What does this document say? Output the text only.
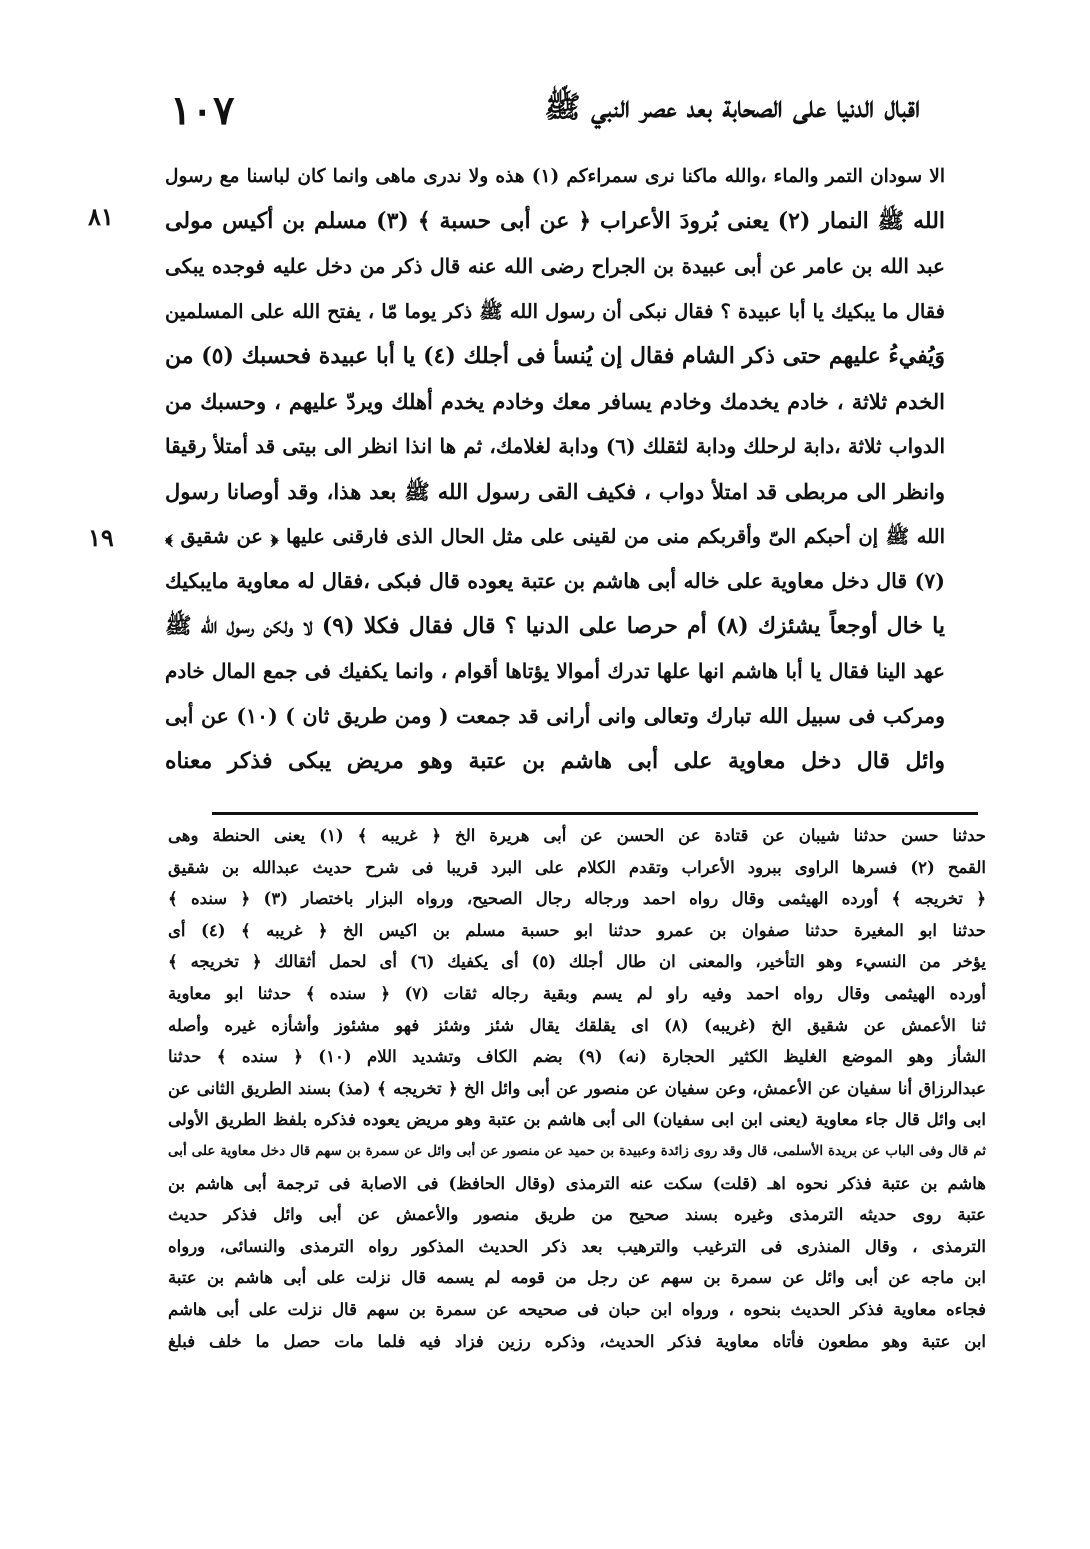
اقبال الدنيا على الصحابة بعد عصر النبي ﷺ
١٠٧
٨١
١٩
الا سودان التمر والماء ،والله ماكنا نرى سمراءكم (١) هذه ولا ندرى ماهى وانما كان لباسنا مع رسول
الله ﷺ النمار (٢) يعنى بُرودَ الأعراب ﴿ عن أبى حسبة ﴾ (٣) مسلم بن أكيس مولى
عبد الله بن عامر عن أبى عبيدة بن الجراح رضى الله عنه قال ذكر من دخل عليه فوجده يبكى
فقال ما يبكيك يا أبا عبيدة ؟ فقال نبكى أن رسول الله ﷺ ذكر يوما مّا ، يفتح الله على المسلمين
وَيُفيءُ عليهم حتى ذكر الشام فقال إن يُنسأ فى أجلك (٤) يا أبا عبيدة فحسبك (٥) من
الخدم ثلاثة ، خادم يخدمك وخادم يسافر معك وخادم يخدم أهلك ويردّ عليهم ، وحسبك من
الدواب ثلاثة ،دابة لرحلك ودابة لثقلك (٦) ودابة لغلامك، ثم ها انذا انظر الى بيتى قد أمتلأ رقيقا
وانظر الى مربطى قد امتلأ دواب ، فكيف القى رسول الله ﷺ بعد هذا، وقد أوصانا رسول
الله ﷺ إن أحبكم الىّ وأقربكم منى من لقينى على مثل الحال الذى فارقنى عليها ﴿ عن شقيق ﴾
(٧) قال دخل معاوية على خاله أبى هاشم بن عتبة يعوده قال فبكى ،فقال له معاوية مايبكيك
يا خال أوجعاً يشئزك (٨) أم حرصا على الدنيا ؟ قال فقال فكلا (٩) لا ولكن رسول الله ﷺ
عهد الينا فقال يا أبا هاشم انها علها تدرك أموالا يؤتاها أقوام ، وانما يكفيك فى جمع المال خادم
ومركب فى سبيل الله تبارك وتعالى وانى أرانى قد جمعت ( ومن طريق ثان ) (١٠) عن أبى
وائل قال دخل معاوية على أبى هاشم بن عتبة وهو مريض يبكى فذكر معناه
حدثنا حسن حدثنا شيبان عن قتادة عن الحسن عن أبى هريرة الخ ﴿ غريبه ﴾ (١) يعنى الحنطة وهى
القمح (٢) فسرها الراوى ببرود الأعراب وتقدم الكلام على البرد قريبا فى شرح حديث عبدالله بن شقيق
﴿ تخريجه ﴾ أورده الهيثمى وقال رواه احمد ورجاله رجال الصحيح، ورواه البزار باختصار (٣) ﴿ سنده ﴾
حدثنا ابو المغيرة حدثنا صفوان بن عمرو حدثنا ابو حسبة مسلم بن اكيس الخ ﴿ غريبه ﴾ (٤) أى
يؤخر من النسيء وهو التأخير، والمعنى ان طال أجلك (٥) أى يكفيك (٦) أى لحمل أثقالك ﴿ تخريجه ﴾
أورده الهيثمى وقال رواه احمد وفيه راو لم يسم وبقية رجاله ثقات (٧) ﴿ سنده ﴾ حدثنا ابو معاوية
ثنا الأعمش عن شقيق الخ (غريبه) (٨) اى يقلقك يقال شئز وشئز فهو مشئوز وأشأزه غيره وأصله
الشأز وهو الموضع الغليظ الكثير الحجارة (نه) (٩) بضم الكاف وتشديد اللام (١٠) ﴿ سنده ﴾ حدثنا
عبدالرزاق أنا سفيان عن الأعمش، وعن سفيان عن منصور عن أبى وائل الخ ﴿ تخريجه ﴾ (مذ) بسند الطريق الثانى عن
ابى وائل قال جاء معاوية (يعنى ابن ابى سفيان) الى أبى هاشم بن عتبة وهو مريض يعوده فذكره بلفظ الطريق الأولى
ثم قال وفى الباب عن بريدة الأسلمى، قال وقد روى زائدة وعبيدة بن حميد عن منصور عن أبى وائل عن سمرة بن سهم قال دخل معاوية على أبى
هاشم بن عتبة فذكر نحوه اهـ (قلت) سكت عنه الترمذى (وقال الحافظ) فى الاصابة فى ترجمة أبى هاشم بن
عتبة روى حديثه الترمذى وغيره بسند صحيح من طريق منصور والأعمش عن أبى وائل فذكر حديث
الترمذى ، وقال المنذرى فى الترغيب والترهيب بعد ذكر الحديث المذكور رواه الترمذى والنسائى، ورواه
ابن ماجه عن أبى وائل عن سمرة بن سهم عن رجل من قومه لم يسمه قال نزلت على أبى هاشم بن عتبة
فجاءه معاوية فذكر الحديث بنحوه ، ورواه ابن حبان فى صحيحه عن سمرة بن سهم قال نزلت على أبى هاشم
ابن عتبة وهو مطعون فأتاه معاوية فذكر الحديث، وذكره رزين فزاد فيه فلما مات حصل ما خلف فبلغ
